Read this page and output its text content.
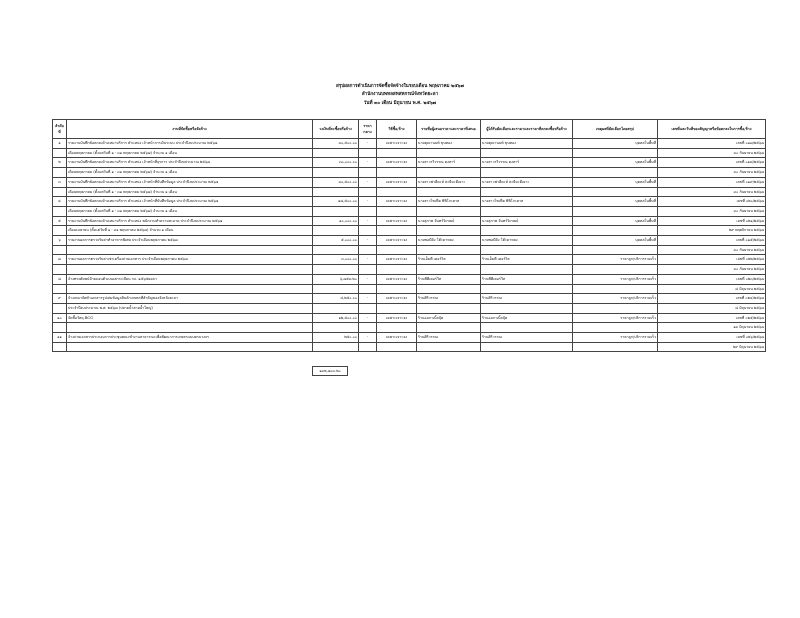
สรุปผลการดำเนินการจัดซื้อจัดจ้างในรอบเดือน พฤษภาคม ๒๕๖๗
สำนักงานบพหลสหสหกรณ์จังหวัดยะลา
วันที่ ๓๐ เดือน มิถุนายน พ.ศ. ๒๕๖๗
ลำดับที่	งานที่จัดซื้อหรือจัดจ้าง	วงเงินที่จะซื้อหรือจ้าง	ราคากลาง	วิธีซื้อ/จ้าง	รายชื่อผู้เสนอราคาและราคาที่เสนอ	ผู้ได้รับคัดเลือกและราคาและราคาที่ตกลงซื้อหรือจ้าง	เหตุผลที่คัดเลือกโดยสรุป	เลขที่และวันที่ของสัญญาหรือข้อตกลงในการซื้อ/จ้าง
๑	รายงานบันทึกข้อตกลงจ้างเหมาบริการ ตำแหน่ง เจ้าหน้าการเงินระบบ ประจำปีงบประมาณ ๒๕๖๗	๓๐,๕๐๐.๐๐	-	เฉพาะเจาะจง	นายคุณานนท์ ขุนทอง	นายคุณานนท์ ขุนทอง	บุคคลในพื้นที่	เลขที่ ๐๑๗/๒๕๖๗
	เดือนพฤษภาคม (ตั้งแต่วันที่ ๑ - ๓๑ พฤษภาคม ๒๕๖๗) จำนวน ๑ เดือน							๓๐ กันยายน ๒๕๖๗
๒	รายงานบันทึกข้อตกลงจ้างเหมาบริการ ตำแหน่ง เจ้าหน้าที่ธุรการ ประจำปีงบประมาณ ๒๕๖๗	๓๐,๐๐๐.๐๐	-	เฉพาะเจาะจง	นางสาวรวิวรรณ คงสาร์	นางสาวรวิวรรณ คงสาร์	บุคคลในพื้นที่	เลขที่ ๐๑๘/๒๕๖๗
	เดือนพฤษภาคม (ตั้งแต่วันที่ ๑ - ๓๑ พฤษภาคม ๒๕๖๗) จำนวน ๑ เดือน							๓๐ กันยายน ๒๕๖๗
๓	รายงานบันทึกข้อตกลงจ้างเหมาบริการ ตำแหน่ง เจ้าหน้าที่บันทึกข้อมูล ประจำปีงบประมาณ ๒๕๖๗	๓๐,๕๐๐.๐๐	-	เฉพาะเจาะจง	นางสาวฟาฮีดะห์ หะยีมะดีเยาะ	นางสาวฟาฮีดะห์ หะยีมะดีเยาะ	บุคคลในพื้นที่	เลขที่ ๐๑๙/๒๕๖๗
	เดือนพฤษภาคม (ตั้งแต่วันที่ ๑ - ๓๑ พฤษภาคม ๒๕๖๗) จำนวน ๑ เดือน							๓๐ กันยายน ๒๕๖๗
๔	รายงานบันทึกข้อตกลงจ้างเหมาบริการ ตำแหน่ง เจ้าหน้าที่บันทึกข้อมูล ประจำปีงบประมาณ ๒๕๖๗	๑๘,๕๐๐.๐๐	-	เฉพาะเจาะจง	นางสาวโซเฟีย ทิฟิโกะฮาส	นางสาวโซเฟีย ทิฟิโกะฮาส	บุคคลในพื้นที่	เลขที่ ๐๒๐/๒๕๖๗
	เดือนพฤษภาคม (ตั้งแต่วันที่ ๑ - ๓๑ พฤษภาคม ๒๕๖๗) จำนวน ๑ เดือน							๓๐ กันยายน ๒๕๖๗
๕	รายงานบันทึกข้อตกลงจ้างเหมาบริการ ตำแหน่ง พนักงานทำความสะอาด ประจำปีงบประมาณ ๒๕๖๗	๑๐,๐๐๐.๐๐	-	เฉพาะเจาะจง	นางสุภาพ จันทร์วิเกษณ์	นางสุภาพ จันทร์วิเกษณ์	บุคคลในพื้นที่	เลขที่ ๐๒๑/๒๕๖๗
	เดือนเมษายน (ตั้งแต่วันที่ ๑ - ๓๑ พฤษภาคม ๒๕๖๗) จำนวน ๑ เดือน							๒๙ พฤศจิกายน ๒๕๖๗
๖	รายงานผลการตรวจรับค่าทำอาหารพิเศษ ประจำเดือนพฤษภาคม ๒๕๖๗	๕,๐๐๐.๐๐	-	เฉพาะเจาะจง	นายซอบีดิง โต๊ะดาหลง	นายซอบีดิง โต๊ะดาหลง	บุคคลในพื้นที่	เลขที่ ๐๑๕/๒๕๖๗
								๓๐ กันยายน ๒๕๖๗
๗	รายงานผลการตรวจรับค่าเช่าเครื่องถ่ายเอกสาร ประจำเดือนพฤษภาคม ๒๕๖๗	๓,๐๐๐.๐๐	-	เฉพาะเจาะจง	ร้านเอ็มพี เคอร์วิส	ร้านเอ็มพี เคอร์วิส	ราคาถูก/บริการรวดเร็ว	เลขที่ ๐๒๒/๒๕๖๗
								๓๐ กันยายน ๒๕๖๗
๘	จ้างทรงคัดพน์ป้ายถอนตัวเบนเสกระเบียน กจ. ๑๕๖๕ยอลา	๖,๗๕๓.๒๐	-	เฉพาะเจาะจง	ร้านพีพีเคอร์วิส	ร้านพีพีเคอร์วิส	ราคาถูก/บริการรวดเร็ว	เลขที่ ๐๒๓/๒๕๖๗
								๘ มิถุนายน ๒๕๖๗
๙	จ้างเหมาจัดทำเอกสารรูปเล่มข้อมูลสินค้าเกษตรที่สำคัญของจังหวัดยะลา	๔,๒๕๐.๐๐	-	เฉพาะเจาะจง	ร้านศิริวรรณ	ร้านศิริวรรณ	ราคาถูก/บริการรวดเร็ว	เลขที่ ๐๒๔/๒๕๖๗
	ประจำปีงบประมาณ พ.ศ. ๒๕๖๗ (ปลายน้ำสายน้ำใหญ่)							๘ มิถุนายน ๒๕๖๗
๑๐	จัดซื้อวัสดุ BCG	๑๒,๕๐๐.๐๐	-	เฉพาะเจาะจง	ร้านออกาเบิ้ลบุ๊ค	ร้านออกาเบิ้ลบุ๊ค	ราคาถูก/บริการรวดเร็ว	เลขที่ ๐๒๕/๒๕๖๗
								๑๓ มิถุนายน ๒๕๖๗
๑๑	จ้างถ่ายเอกสารประกอบการประชุมคณะทำงานสาธารณะเพื่อพัฒนาการเกษตรแบบครบวงจร	๒๕๐.๐๐	-	เฉพาะเจาะจง	ร้านศิริวรรณ	ร้านศิริวรรณ	ราคาถูก/บริการรวดเร็ว	เลขที่ ๐๒๖/๒๕๖๗
								๒๙ มิถุนายน ๒๕๖๗
๑๓๒,๗๐๓.๒๐
